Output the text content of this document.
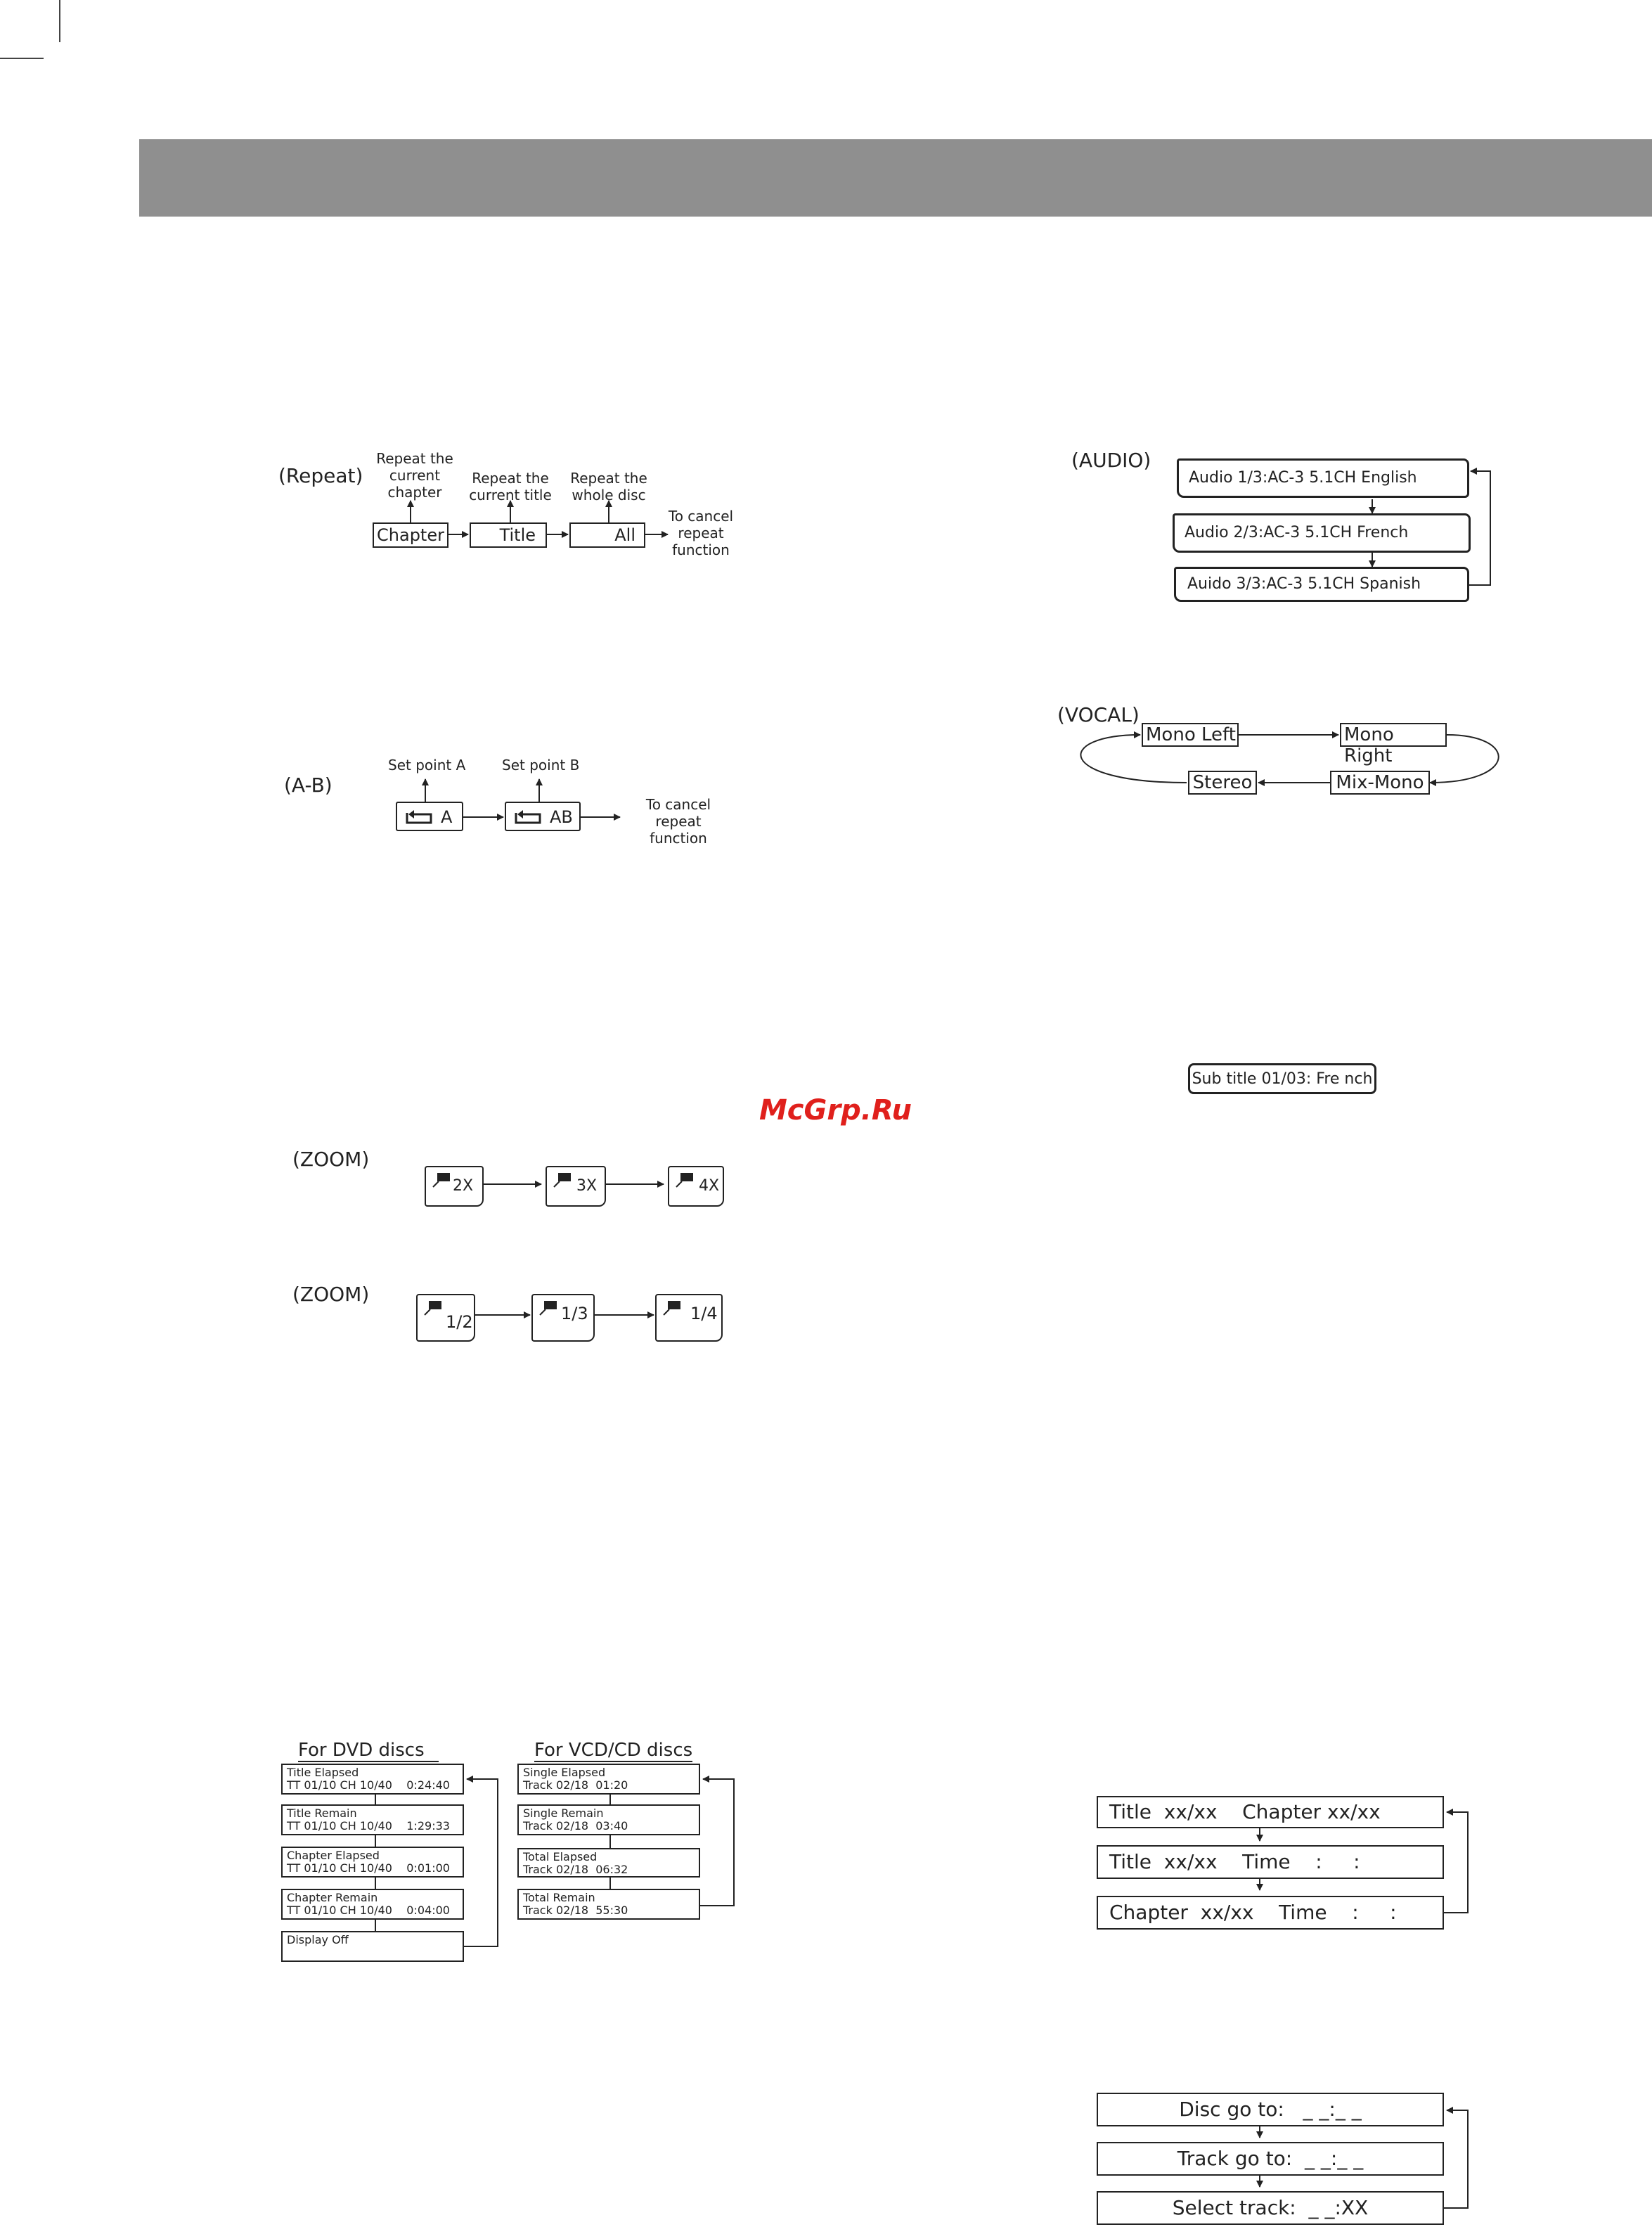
(Repeat)
Repeat the current chapter
Repeat the current title
Repeat the whole disc
To cancel repeat function
Chapter	Title	All
(A-B)
Set point A	Set point B
To cancel repeat function
A	AB
McGrp.Ru
(ZOOM)
2X	3X	4X
(ZOOM)
1/2	1/3	1/4
(AUDIO)
Audio 1/3:AC-3 5.1CH English
Audio 2/3:AC-3 5.1CH French
Auido 3/3:AC-3 5.1CH Spanish
(VOCAL)
Mono Left	Mono Right
Mix-Mono
Stereo
Sub title 01/03: Fre nch
For DVD discs
Title Elapsed
TT 01/10 CH 10/40    0:24:40
Title Remain
TT 01/10 CH 10/40    1:29:33
Chapter Elapsed
TT 01/10 CH 10/40    0:01:00
Chapter Remain
TT 01/10 CH 10/40    0:04:00
Display Off
For VCD/CD discs
Single Elapsed
Track 02/18  01:20
Single Remain
Track 02/18  03:40
Total Elapsed
Track 02/18  06:32
Total Remain
Track 02/18  55:30
Title  xx/xx    Chapter xx/xx
Title  xx/xx    Time    :     :
Chapter  xx/xx    Time    :     :
Disc go to:   _ _:_ _
Track go to:  _ _:_ _
Select track:  _ _:XX
